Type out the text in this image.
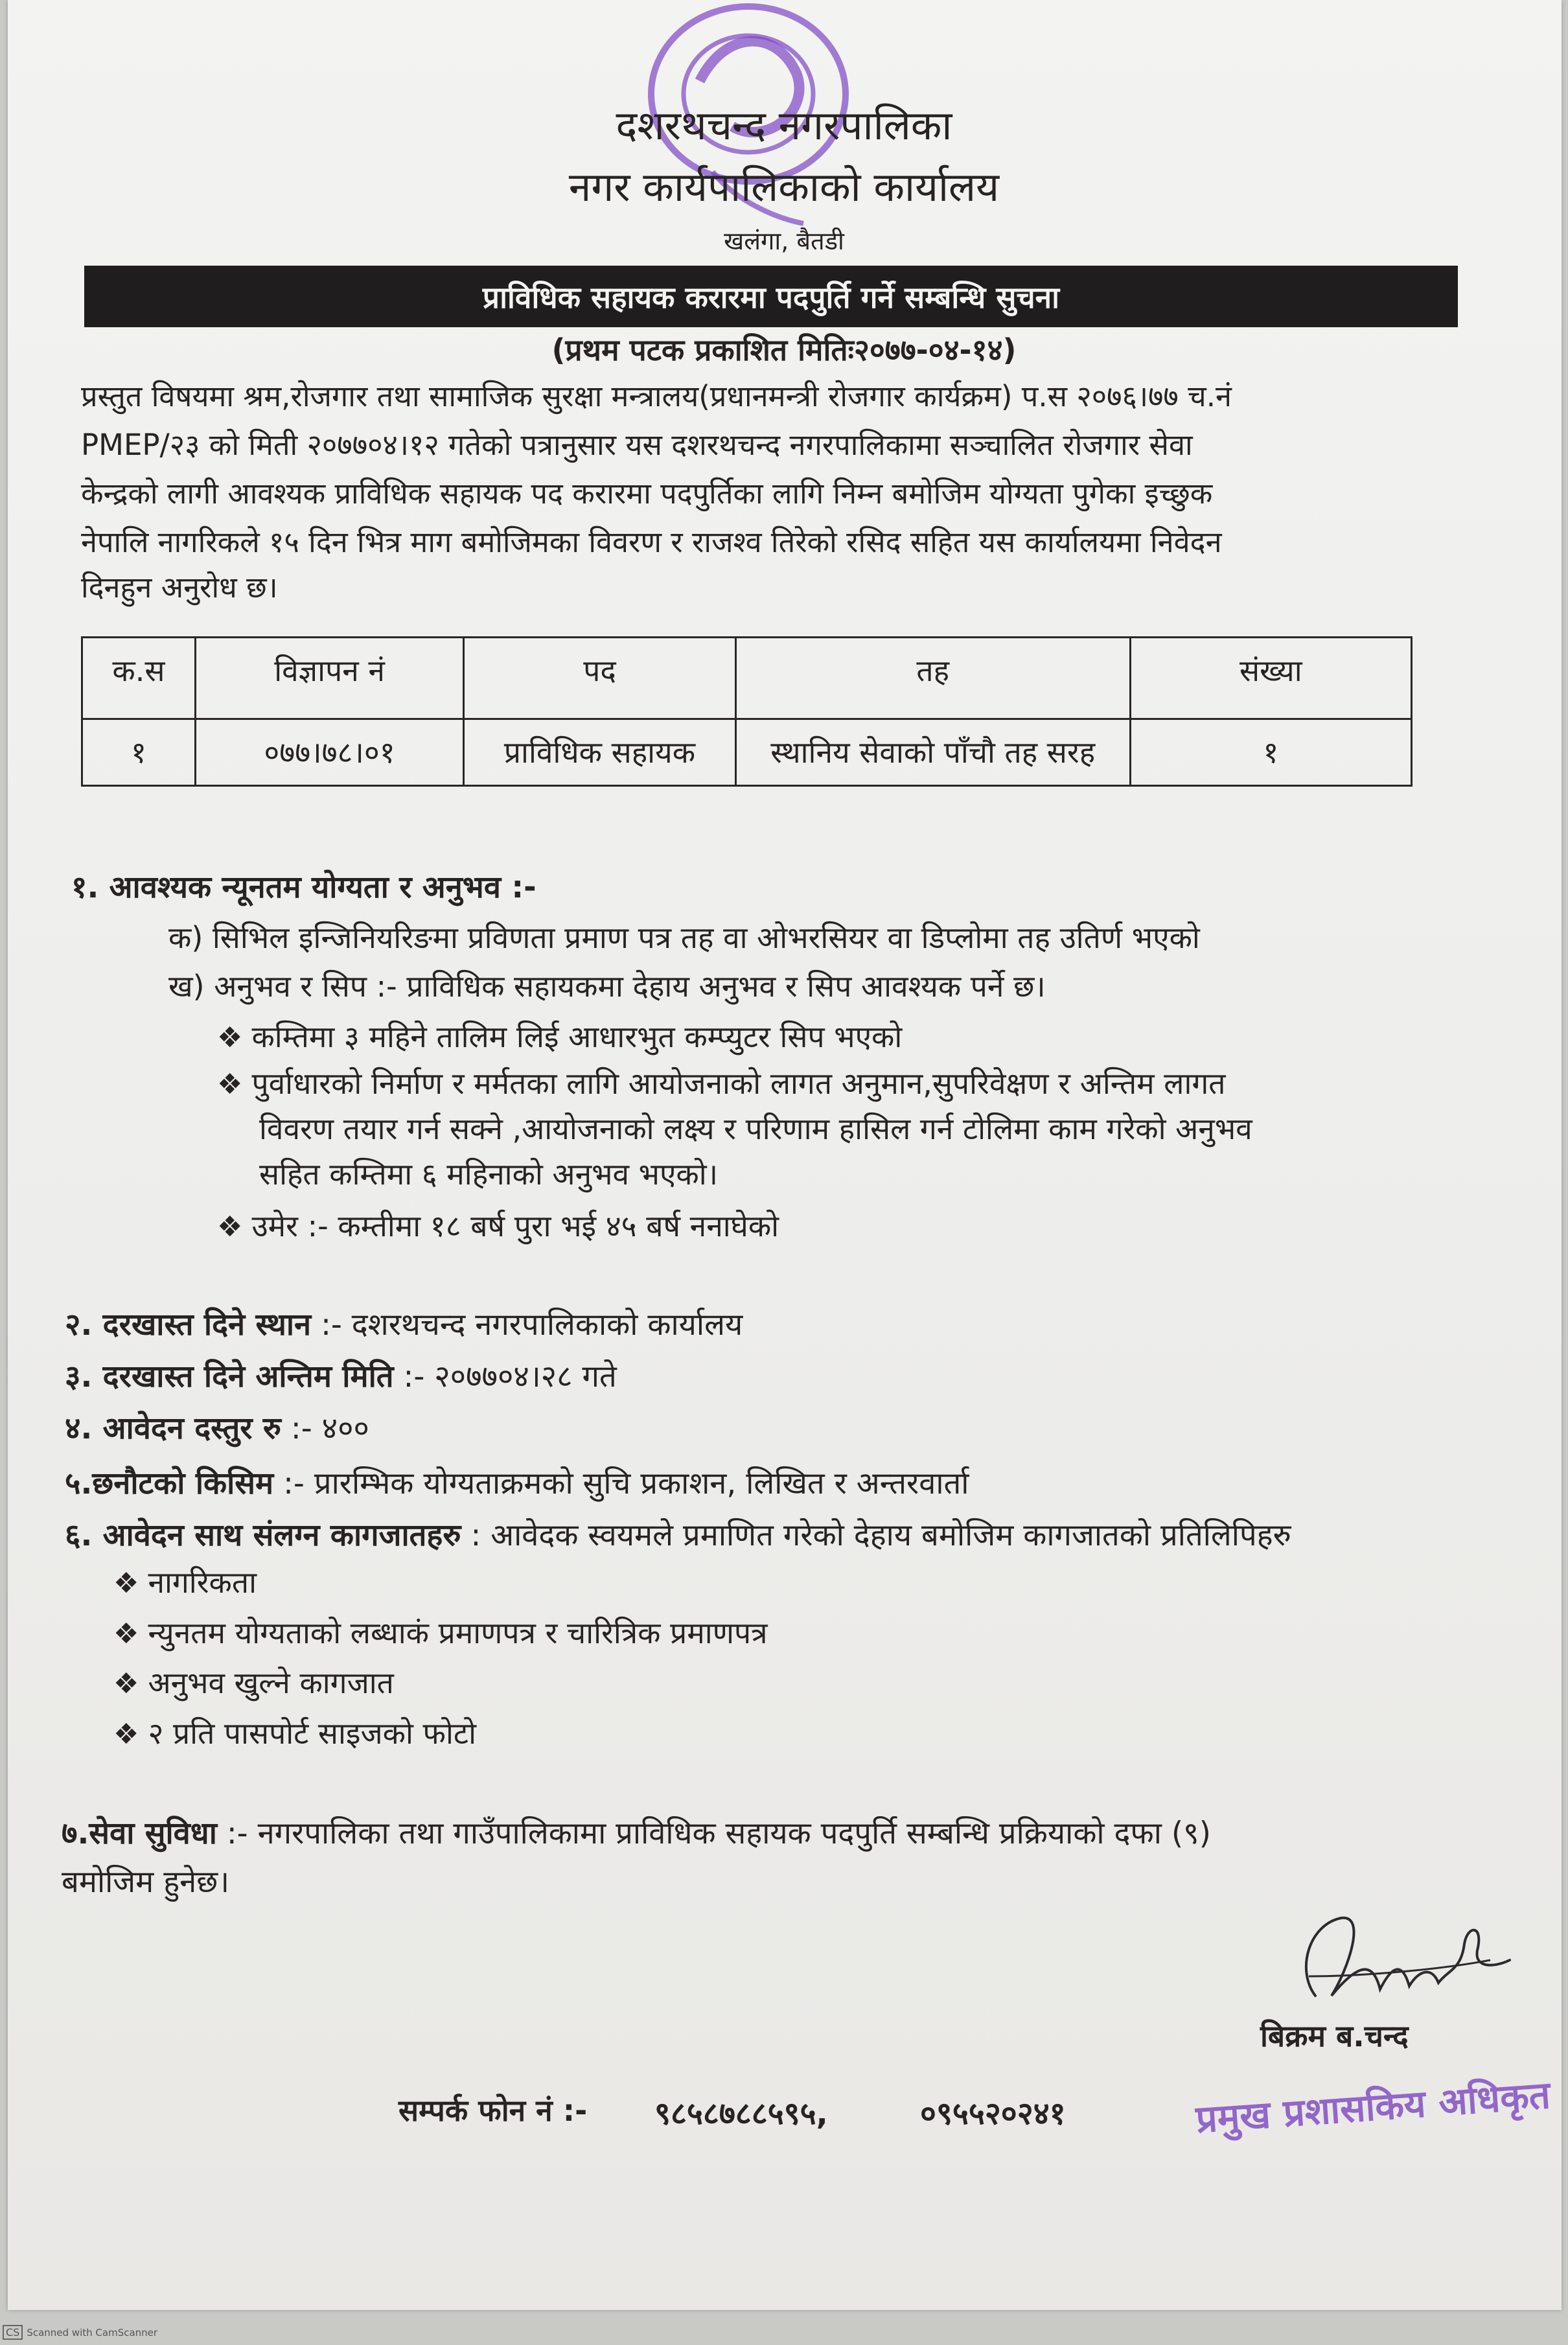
दशरथचन्द नगरपालिका
नगर कार्यपालिकाको कार्यालय
खलंगा, बैतडी
प्राविधिक सहायक करारमा पदपुर्ति गर्ने सम्बन्धि सुचना
(प्रथम पटक प्रकाशित मितिः२०७७-०४-१४)
प्रस्तुत विषयमा श्रम,रोजगार तथा सामाजिक सुरक्षा मन्त्रालय(प्रधानमन्त्री रोजगार कार्यक्रम) प.स २०७६।७७ च.नं
PMEP/२३ को मिती २०७७०४।१२ गतेको पत्रानुसार यस दशरथचन्द नगरपालिकामा सञ्चालित रोजगार सेवा
केन्द्रको लागी आवश्यक प्राविधिक सहायक पद करारमा पदपुर्तिका लागि निम्न बमोजिम योग्यता पुगेका इच्छुक
नेपालि नागरिकले १५ दिन भित्र माग बमोजिमका विवरण र राजश्व तिरेको रसिद सहित यस कार्यालयमा निवेदन
दिनहुन अनुरोध छ।
क.स	विज्ञापन नं	पद	तह	संख्या
१	०७७।७८।०१	प्राविधिक सहायक	स्थानिय सेवाको पाँचौ तह सरह	१
१. आवश्यक न्यूनतम योग्यता र अनुभव :-
क) सिभिल इन्जिनियरिङमा प्रविणता प्रमाण पत्र तह वा ओभरसियर वा डिप्लोमा तह उतिर्ण भएको
ख) अनुभव र सिप :- प्राविधिक सहायकमा देहाय अनुभव र सिप आवश्यक पर्ने छ।
❖ कम्तिमा ३ महिने तालिम लिई आधारभुत कम्प्युटर सिप भएको
❖ पुर्वाधारको निर्माण र मर्मतका लागि आयोजनाको लागत अनुमान,सुपरिवेक्षण र अन्तिम लागत
विवरण तयार गर्न सक्ने ,आयोजनाको लक्ष्य र परिणाम हासिल गर्न टोलिमा काम गरेको अनुभव
सहित कम्तिमा ६ महिनाको अनुभव भएको।
❖ उमेर :- कम्तीमा १८ बर्ष पुरा भई ४५ बर्ष ननाघेको
२. दरखास्त दिने स्थान :- दशरथचन्द नगरपालिकाको कार्यालय
३. दरखास्त दिने अन्तिम मिति :- २०७७०४।२८ गते
४. आवेदन दस्तुर रु :- ४००
५.छनौटको किसिम :- प्रारम्भिक योग्यताक्रमको सुचि प्रकाशन, लिखित र अन्तरवार्ता
६. आवेदन साथ संलग्न कागजातहरु : आवेदक स्वयमले प्रमाणित गरेको देहाय बमोजिम कागजातको प्रतिलिपिहरु
❖ नागरिकता
❖ न्युनतम योग्यताको लब्धाकं प्रमाणपत्र र चारित्रिक प्रमाणपत्र
❖ अनुभव खुल्ने कागजात
❖ २ प्रति पासपोर्ट साइजको फोटो
७.सेवा सुविधा :- नगरपालिका तथा गाउँपालिकामा प्राविधिक सहायक पदपुर्ति सम्बन्धि प्रक्रियाको दफा (९)
बमोजिम हुनेछ।
बिक्रम ब.चन्द
सम्पर्क फोन नं :- ९८५८७८८५९५,	०९५५२०२४१	प्रमुख प्रशासकिय अधिकृत
CS Scanned with CamScanner
